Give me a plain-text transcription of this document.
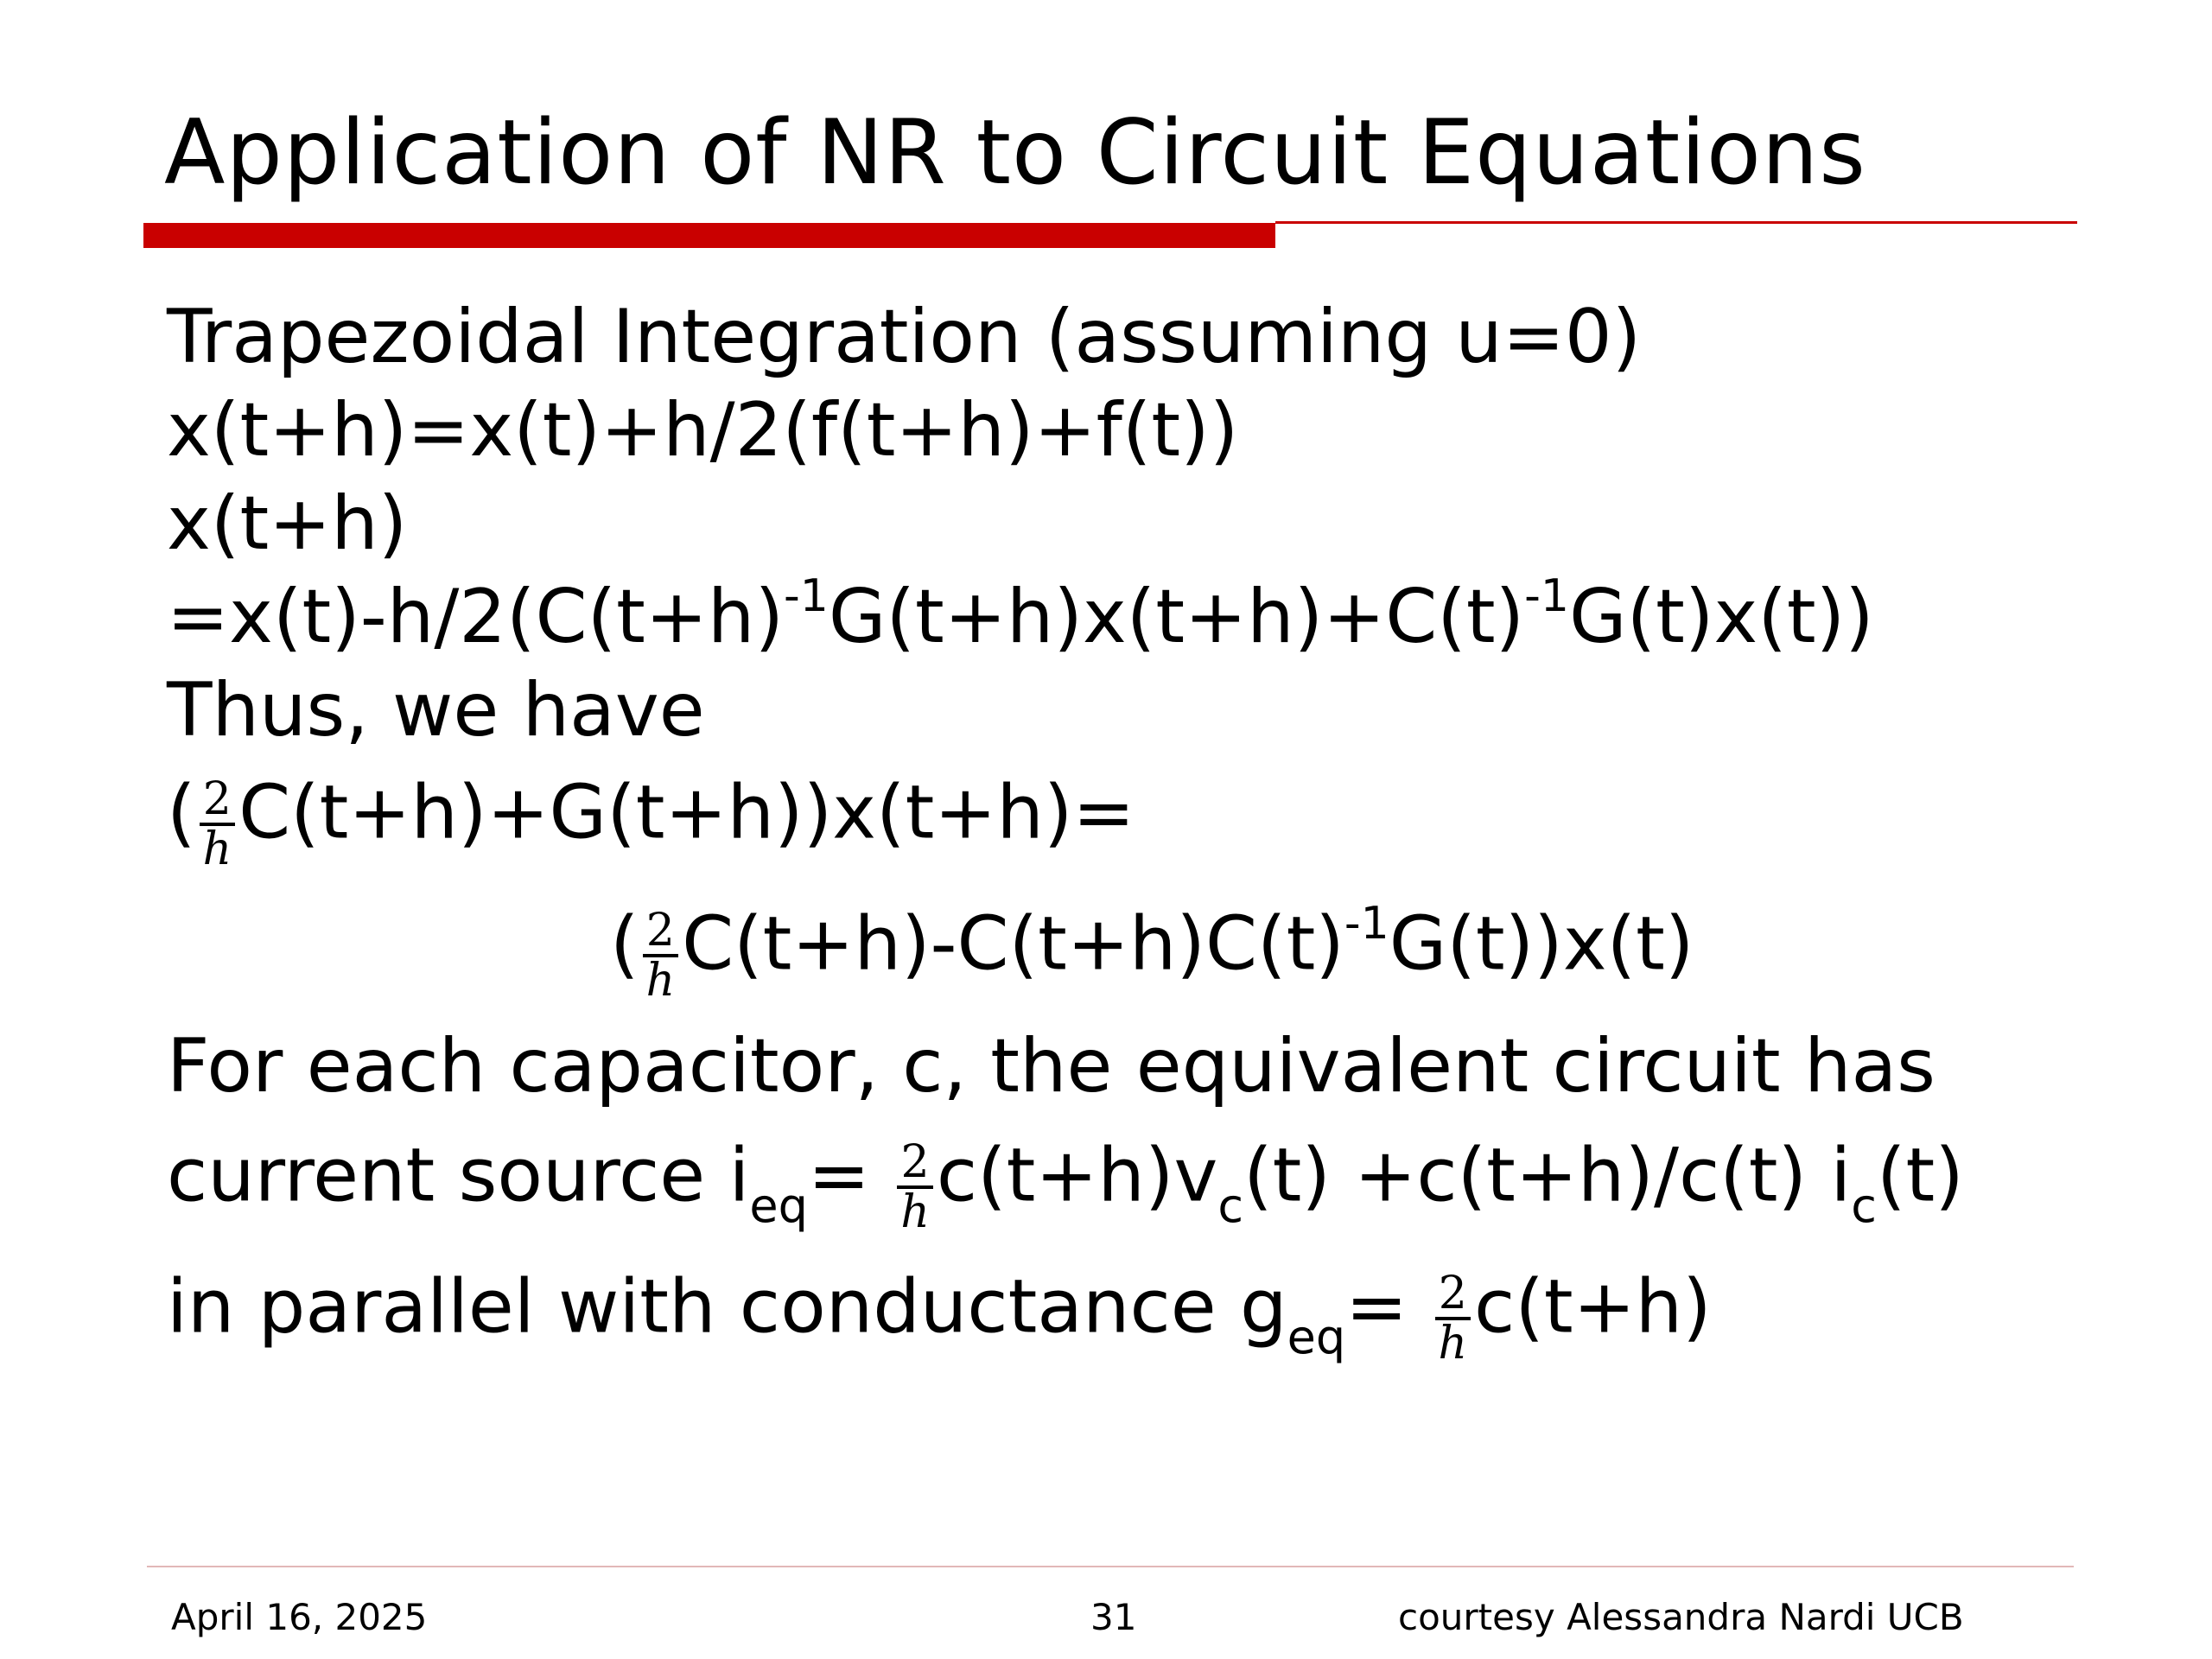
Application of NR to Circuit Equations
Trapezoidal Integration (assuming u=0)
x(t+h)=x(t)+h/2(f(t+h)+f(t))
x(t+h)
$=x(t)-h/2(C(t+h)^{-1}G(t+h)x(t+h)+C(t)^{-1}G(t)x(t))$
Thus, we have
( $\frac{2}{h} C(t+h)+G(t+h))x(t+h)=$
( $\frac{2}{h} C(t+h)-C(t+h)C(t)^{-1}G(t))x(t)$
For each capacitor, c, the equivalent circuit has
current source $i_{eq}= \frac{2}{h} c(t+h)v_c(t) +c(t+h)/c(t)$ $i_c(t)$
in parallel with conductance $g_{eq}= \frac{2}{h} c(t+h)$
April 16, 2025	31	courtesy Alessandra Nardi UCB
